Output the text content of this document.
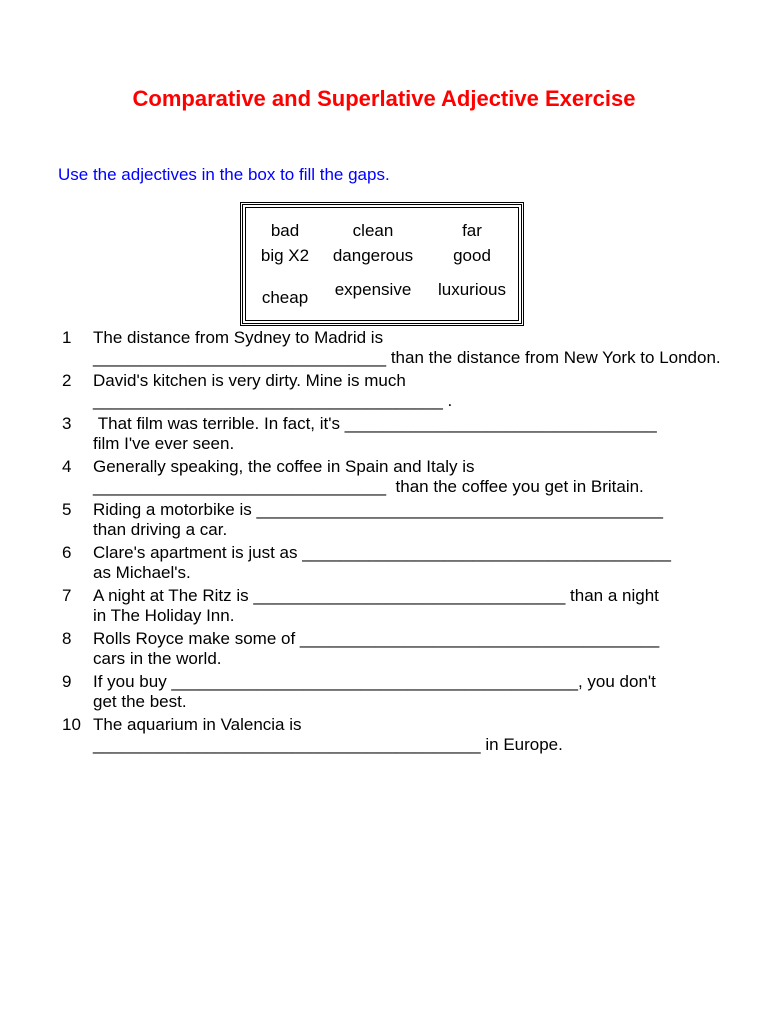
Comparative and Superlative Adjective Exercise
Use the adjectives in the box to fill the gaps.
bad	clean	far
big X2 dangerous good
cheap expensive luxurious
1 The distance from Sydney to Madrid is
_______________________________ than the distance from New York to London.
2 David's kitchen is very dirty. Mine is much
_____________________________________ .
3 That film was terrible. In fact, it's _________________________________
film I've ever seen.
4 Generally speaking, the coffee in Spain and Italy is
_______________________________  than the coffee you get in Britain.
5 Riding a motorbike is ___________________________________________
than driving a car.
6 Clare's apartment is just as _______________________________________
as Michael's.
7 A night at The Ritz is _________________________________ than a night
in The Holiday Inn.
8 Rolls Royce make some of ______________________________________
cars in the world.
9 If you buy ___________________________________________, you don't
get the best.
10 The aquarium in Valencia is
_________________________________________ in Europe.
